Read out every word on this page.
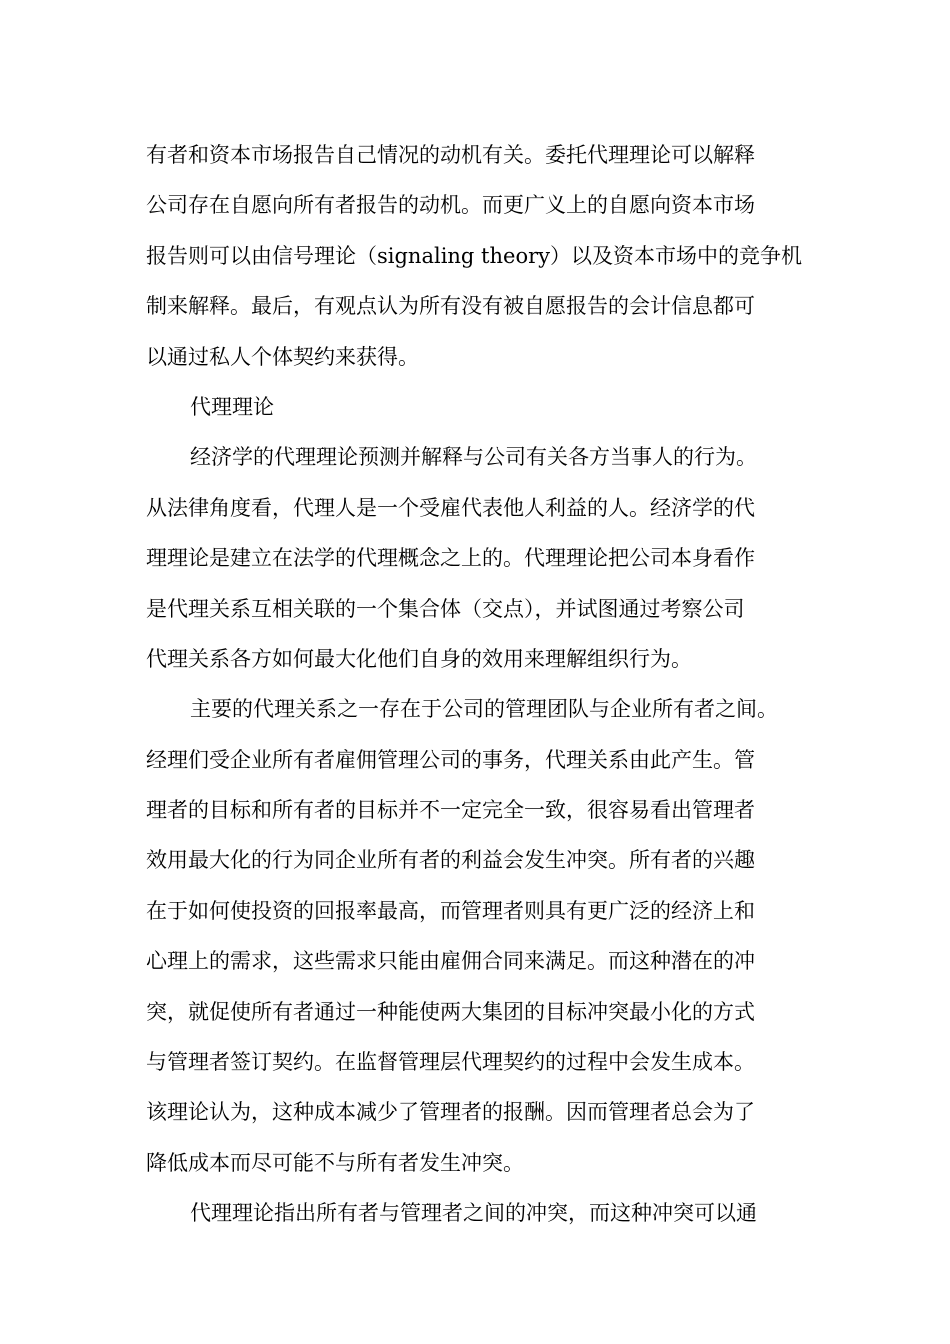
有者和资本市场报告自己情况的动机有关。委托代理理论可以解释
公司存在自愿向所有者报告的动机。而更广义上的自愿向资本市场
报告则可以由信号理论（signaling theory）以及资本市场中的竞争机
制来解释。最后，有观点认为所有没有被自愿报告的会计信息都可
以通过私人个体契约来获得。
代理理论
经济学的代理理论预测并解释与公司有关各方当事人的行为。
从法律角度看，代理人是一个受雇代表他人利益的人。经济学的代
理理论是建立在法学的代理概念之上的。代理理论把公司本身看作
是代理关系互相关联的一个集合体（交点），并试图通过考察公司
代理关系各方如何最大化他们自身的效用来理解组织行为。
主要的代理关系之一存在于公司的管理团队与企业所有者之间。
经理们受企业所有者雇佣管理公司的事务，代理关系由此产生。管
理者的目标和所有者的目标并不一定完全一致，很容易看出管理者
效用最大化的行为同企业所有者的利益会发生冲突。所有者的兴趣
在于如何使投资的回报率最高，而管理者则具有更广泛的经济上和
心理上的需求，这些需求只能由雇佣合同来满足。而这种潜在的冲
突，就促使所有者通过一种能使两大集团的目标冲突最小化的方式
与管理者签订契约。在监督管理层代理契约的过程中会发生成本。
该理论认为，这种成本减少了管理者的报酬。因而管理者总会为了
降低成本而尽可能不与所有者发生冲突。
代理理论指出所有者与管理者之间的冲突，而这种冲突可以通
